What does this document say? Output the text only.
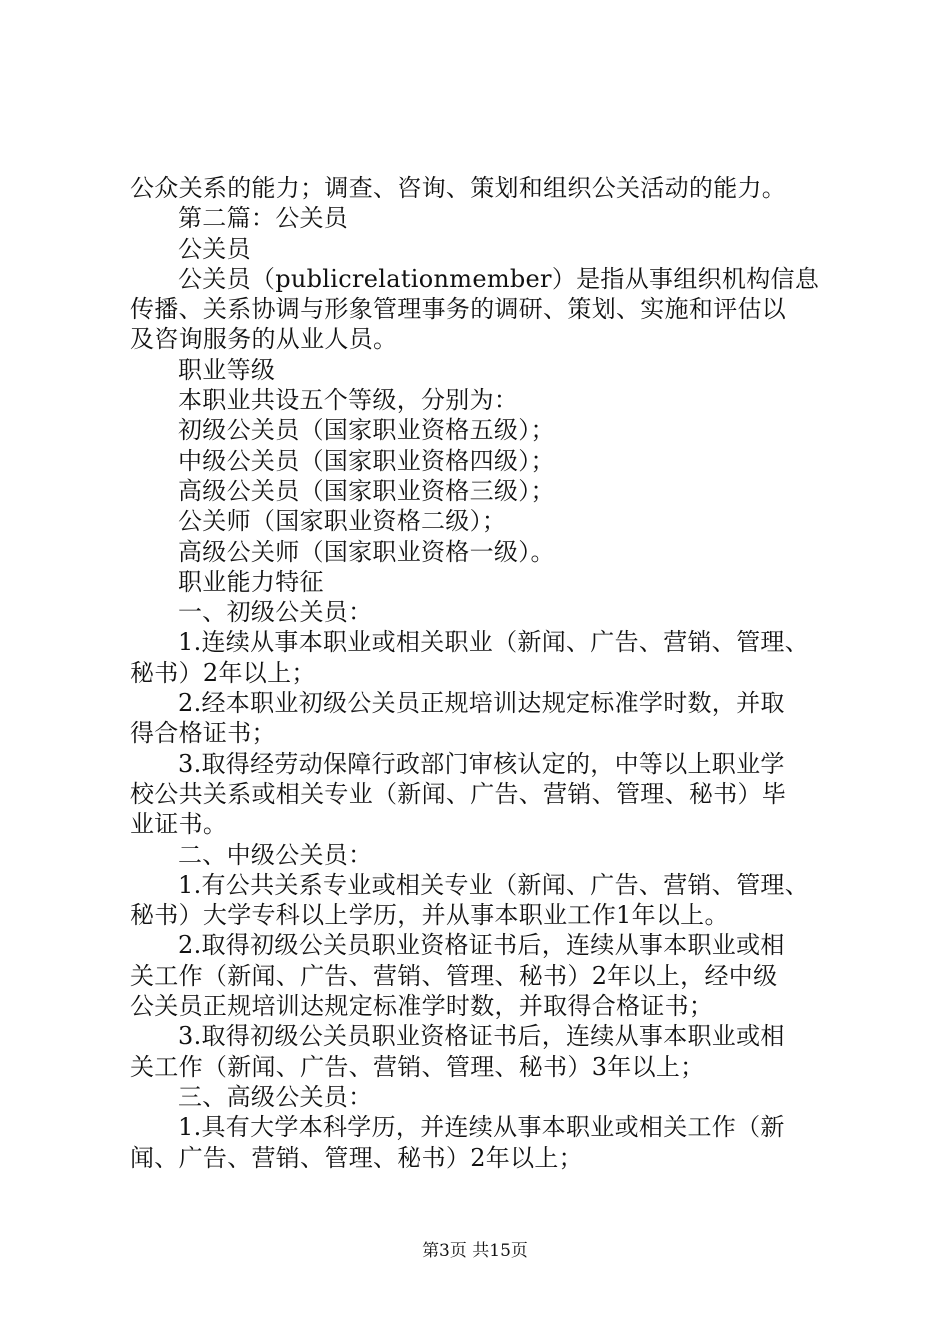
公众关系的能力；调查、咨询、策划和组织公关活动的能力。
第二篇：公关员
公关员
公关员（publicrelationmember）是指从事组织机构信息
传播、关系协调与形象管理事务的调研、策划、实施和评估以
及咨询服务的从业人员。
职业等级
本职业共设五个等级，分别为：
初级公关员（国家职业资格五级）；
中级公关员（国家职业资格四级）；
高级公关员（国家职业资格三级）；
公关师（国家职业资格二级）；
高级公关师（国家职业资格一级）。
职业能力特征
一、初级公关员：
1.连续从事本职业或相关职业（新闻、广告、营销、管理、
秘书）2年以上；
2.经本职业初级公关员正规培训达规定标准学时数，并取
得合格证书；
3.取得经劳动保障行政部门审核认定的，中等以上职业学
校公共关系或相关专业（新闻、广告、营销、管理、秘书）毕
业证书。
二、中级公关员：
1.有公共关系专业或相关专业（新闻、广告、营销、管理、
秘书）大学专科以上学历，并从事本职业工作1年以上。
2.取得初级公关员职业资格证书后，连续从事本职业或相
关工作（新闻、广告、营销、管理、秘书）2年以上，经中级
公关员正规培训达规定标准学时数，并取得合格证书；
3.取得初级公关员职业资格证书后，连续从事本职业或相
关工作（新闻、广告、营销、管理、秘书）3年以上；
三、高级公关员：
1.具有大学本科学历，并连续从事本职业或相关工作（新
闻、广告、营销、管理、秘书）2年以上；
第3页 共15页
